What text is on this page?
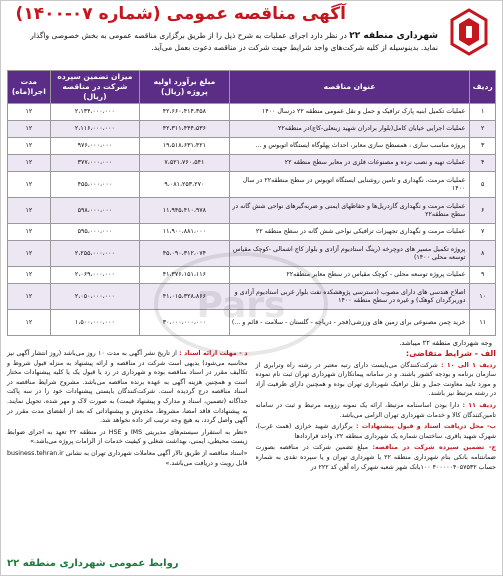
آگهی مناقصه عمومی (شماره ۰۷-۱۴۰۰)
شهرداری منطقه ۲۲ در نظر دارد اجرای عملیات به شرح ذیل را از طریق برگزاری مناقصه عمومی به بخش خصوصی واگذار نماید. بدینوسیله از کلیه شرکت‌های واجد شرایط جهت شرکت در مناقصه دعوت بعمل می‌آید.
ردیف	عنوان مناقصه	مبلغ برآورد اولیه پروژه (ریال)	میزان تضمین سپرده شرکت در مناقصه (ریال)	مدت اجرا(ماه)
۱	عملیات تکمیل ابنیه پارک ترافیک و حمل و نقل عمومی منطقه ۲۲ درسال ۱۴۰۰	۴۲،۶۶۰،۴۱۴،۳۵۸	۲،۱۳۴،۰۰۰،۰۰۰	۱۲
۲	عملیات اجرایی خیابان کامل(بلوار برادران شهید زینعلی-کاج)در منطقه۲۲	۴۲،۳۱۱،۴۴۴،۵۳۶	۲،۱۱۶،۰۰۰،۰۰۰	۱۲
۳	پروژه مناسب سازی ، همسطح سازی معابر، احداث پهلوگاه ایستگاه اتوبوس و ...	۱۹،۵۱۸،۶۳۱،۴۲۱	۹۷۶،۰۰۰،۰۰۰	۱۲
۴	عملیات تهیه و نصب نرده و مصنوعات فلزی در معابر سطح منطقه ۲۲	۷،۵۲۱،۷۶۰،۵۴۱	۳۷۷،۰۰۰،۰۰۰	۱۲
۵	عملیات مرمت، نگهداری و تامین روشنایی ایستگاه اتوبوس در سطح منطقه۲۲ در سال ۱۴۰۰	۹،۰۸۱،۲۵۳،۲۷۰	۴۵۵،۰۰۰،۰۰۰	۱۲
۶	عملیات مرمت و نگهداری گاردریل‌ها و حفاظهای ایمنی و ضربه‌گیرهای نواحی شش گانه در سطح منطقه۲۲	۱۱،۹۴۵،۴۱۰،۹۷۸	۵۹۸،۰۰۰،۰۰۰	۱۲
۷	عملیات مرمت و نگهداری تجهیزات ترافیکی نواحی شش گانه در سطح منطقه ۲۲	۱۱،۹۰۰،۸۸۱،۰۰۰	۵۹۵،۰۰۰،۰۰۰	۱۲
۸	پروژه تکمیل مسیر های دوچرخه (رینگ استادیوم آزادی و بلوار کاج اشمالی -کوچک مقیاس توسعه محلی ۱۴۰۰)	۴۵،۰۹۰،۳۱۲،۰۷۴	۲،۲۵۵،۰۰۰،۰۰۰	۱۲
۹	عملیات پروژه توسعه محلی - کوچک مقیاس در سطح معابر منطقه۲۲	۴۱،۳۷۶،۱۵۱،۱۱۶	۲،۰۶۹،۰۰۰،۰۰۰	۱۲
۱۰	اصلاح هندسی های دارای مصوب (دسترسی پژوهشکده نفت بلوار غربی استادیوم آزادی و دوربرگردان کوهک) و غیره در سطح منطقه ۱۴۰۰	۴۱،۰۱۵،۳۲۸،۸۶۶	۲،۰۵۰،۰۰۰،۰۰۰	۱۲
۱۱	خرید چمن مصنوعی برای زمین های ورزشی(فجر - دریاچه - گلستان - سلامت - قائم و ...)	۳۰،۰۰۰،۰۰۰،۰۰۰	۱،۵۰۰،۰۰۰،۰۰۰	۱۲
وجه شهرداری منطقه ۲۲ میباشد.
الف - شرایط متقاضی:
ردیف ۱ الی ۱۰ : شرکت‌کنندگان می‌بایست دارای رتبه معتبر در رشته راه وترابری از سازمان برنامه و بودجه کشور باشند. و در سامانه پیمانکاران شهرداری تهران ثبت نام نموده و مورد تایید معاونت حمل و نقل ترافیک شهرداری تهران بوده و همچنین دارای ظرفیت آزاد در رشته مرتبط نیز باشند.
ردیف ۱۱ : دارا بودن اساسنامه مرتبط، ارائه یک نمونه رزومه مرتبط و ثبت در سامانه تامین‌کنندگان کالا و خدمات شهرداری تهران الزامی می‌باشد.
ب- محل دریافت اسناد و قبول پیشنهادات : برگزاری شهید خرازی (همت غرب)، شهرک شهید باقری، ساختمان شماره یک شهرداری منطقه ۲۲، واحد قراردادها
ج- تضمین سپرده شرکت در مناقصه: مبلغ تضمین شرکت در مناقصه بصورت ضمانتنامه بانکی بنام شهرداری منطقه ۲۲ یا شهرداری تهران و یا سپرده نقدی به شماره حساب ۴۰۰۰۰۰۴۰۵۷۵۳۲ ۱۰۰بانک شهر شعبه شهرک راه آهن کد ۲۲۲ در
د - مهلت ارائه اسناد : از تاریخ نشر آگهی به مدت ۱۰ روز می‌باشد (روز انتشار آگهی نیز محاسبه می‌شود) بدیهی است شرکت در مناقصه و ارائه پیشنهاد به منزله قبول شروط و تکالیف مقرر در اسناد مناقصه بوده و شهرداری در رد یا قبول یک یا کلیه پیشنهادات مختار است و همچنین هزینه آگهی به عهده برنده مناقصه می‌باشد. مشروح شرایط مناقصه در اسناد مناقصه درج گردیده است. شرکت‌کنندگان بایستی پیشنهادات خود را در سه پاکت جداگانه (تضمین، اسناد و مدارک و پیشنهاد قیمت) به صورت لاک و مهر شده، تحویل نمایند. به پیشنهادات فاقد امضا، مشروط، مخدوش و پیشنهاداتی که بعد از انقضای مدت مقرر در آگهی واصل گردد، به هیچ وجه ترتیب اثر داده نخواهد شد.
«نظر به استقرار سیستم‌های مدیریتی IMS و HSE در منطقه ۲۲ تعهد به اجرای ضوابط زیست محیطی، ایمنی، بهداشت شغلی و کیفیت خدمات از الزامات پروژه می‌باشد.»
«اسناد مناقصه از طریق تالار آگهی معاملات شهرداری تهران به نشانی business.tehran.ir قابل رویت و دریافت می‌باشد.»
روابط عمومی شهرداری منطقه ۲۲
